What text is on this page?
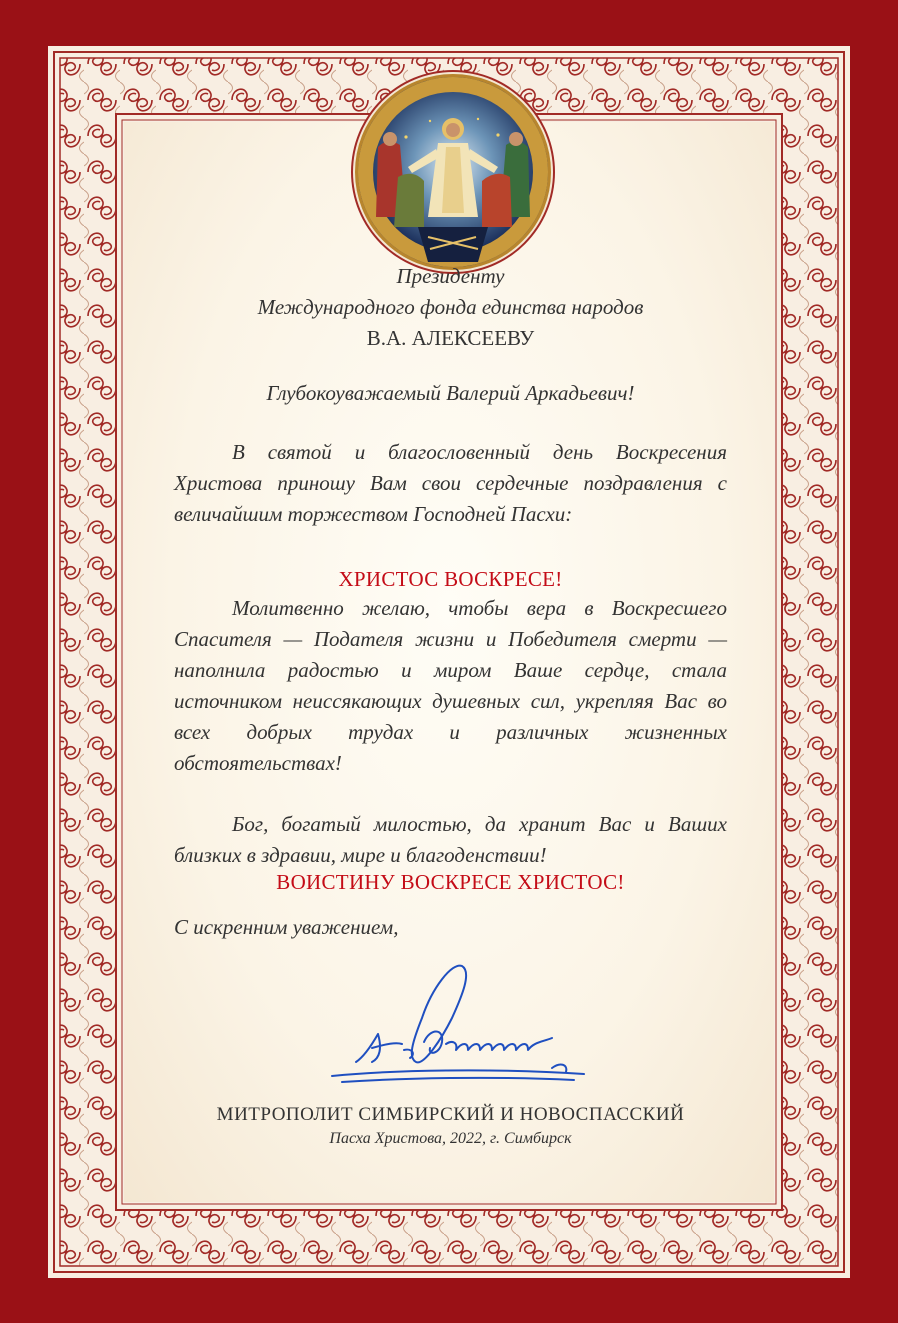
Президенту
Международного фонда единства народов
В.А. АЛЕКСЕЕВУ
Глубокоуважаемый Валерий Аркадьевич!
В святой и благословенный день Воскресения Христова приношу Вам свои сердечные поздравления с величайшим торжеством Господней Пасхи:
ХРИСТОС ВОСКРЕСЕ!
Молитвенно желаю, чтобы вера в Воскресшего Спасителя — Подателя жизни и Победителя смерти — наполнила радостью и миром Ваше сердце, стала источником неиссякающих душевных сил, укрепляя Вас во всех добрых трудах и различных жизненных обстоятельствах!
Бог, богатый милостью, да хранит Вас и Ваших близких в здравии, мире и благоденствии!
ВОИСТИНУ ВОСКРЕСЕ ХРИСТОС!
С искренним уважением,
МИТРОПОЛИТ СИМБИРСКИЙ И НОВОСПАССКИЙ
Пасха Христова, 2022, г. Симбирск
